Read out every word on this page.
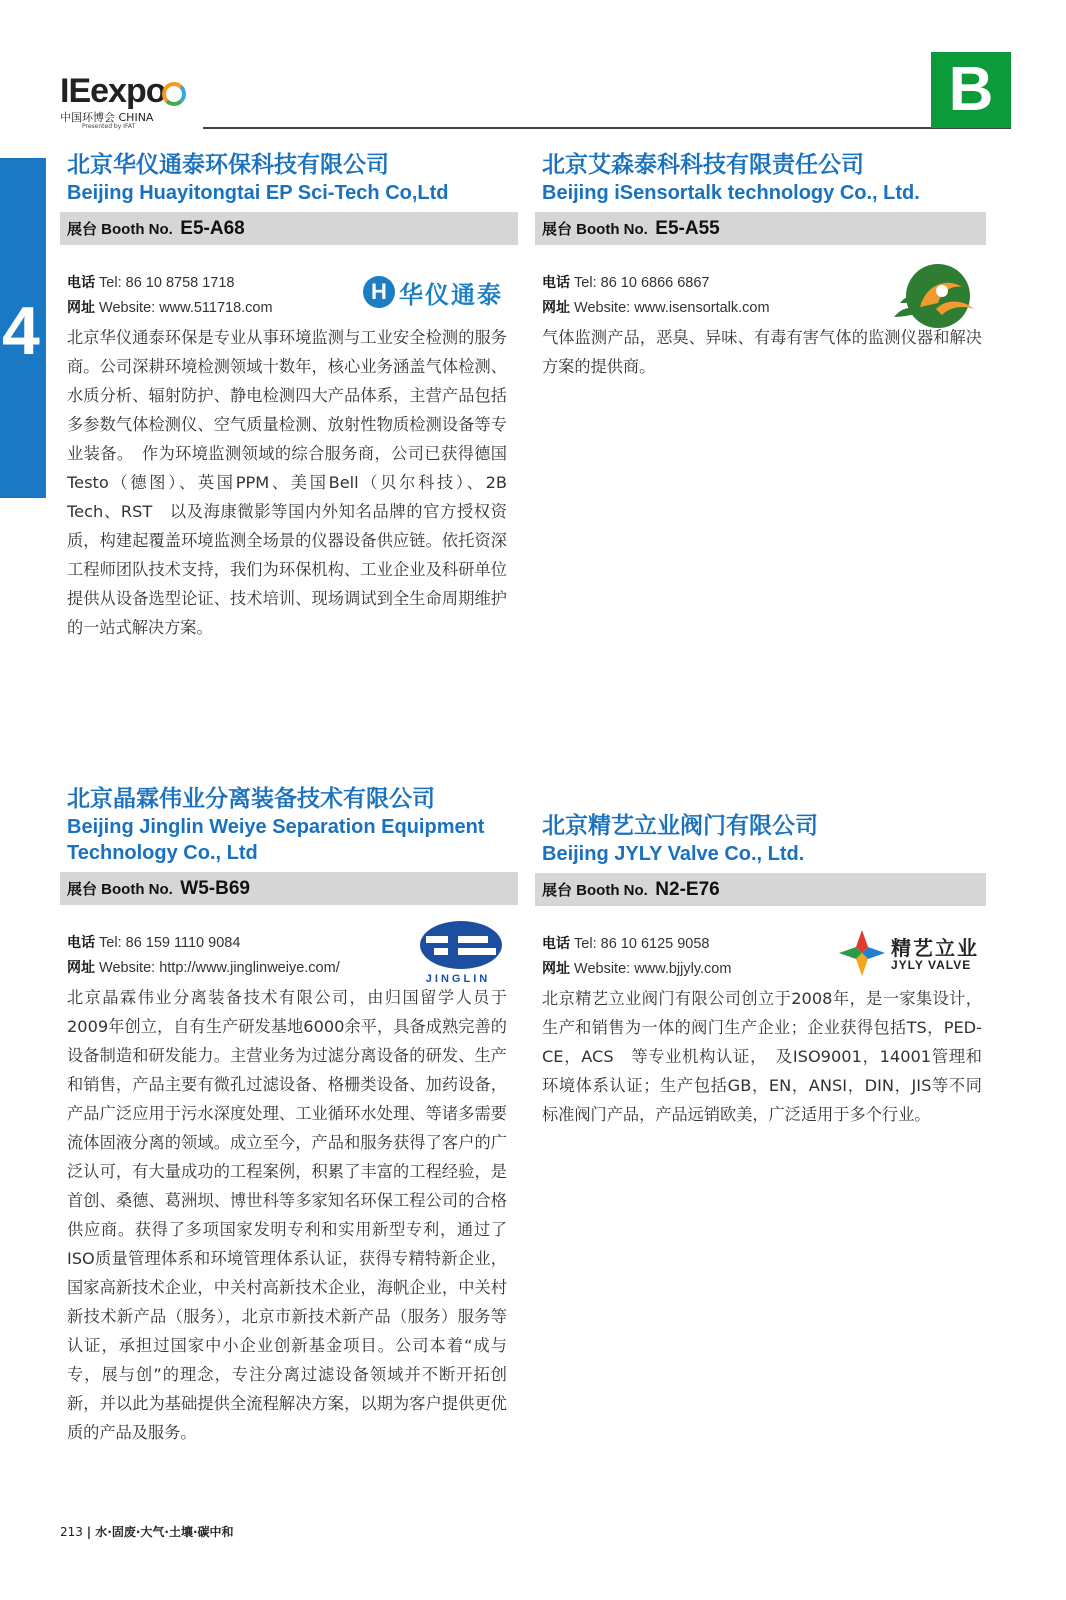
IEexpo
中国环博会 CHINA
Presented by IFAT
B
4
北京华仪通泰环保科技有限公司
Beijing Huayitongtai EP Sci-Tech Co,Ltd
展台 Booth No. E5-A68
电话 Tel: 86 10 8758 1718
网址 Website: www.511718.com
H 华仪通泰

北京华仪通泰环保是专业从事环境监测与工业安全检测的服务商。公司深耕环境检测领域十数年，核心业务涵盖气体检测、水质分析、辐射防护、静电检测四大产品体系，主营产品包括多参数气体检测仪、空气质量检测、放射性物质检测设备等专业装备。　作为环境监测领域的综合服务商，公司已获得德国Testo（德图）、英国PPM、美国Bell（贝尔科技）、2B　Tech、RST　以及海康微影等国内外知名品牌的官方授权资质，构建起覆盖环境监测全场景的仪器设备供应链。依托资深工程师团队技术支持，我们为环保机构、工业企业及科研单位提供从设备选型论证、技术培训、现场调试到全生命周期维护的一站式解决方案。

北京艾森泰科科技有限责任公司
Beijing iSensortalk technology Co., Ltd.
展台 Booth No. E5-A55
电话 Tel: 86 10 6866 6867
网址 Website: www.isensortalk.com

气体监测产品，恶臭、异味、有毒有害气体的监测仪器和解决方案的提供商。

北京晶霖伟业分离装备技术有限公司
Beijing Jinglin Weiye Separation Equipment Technology Co., Ltd
展台 Booth No. W5-B69
电话 Tel: 86 159 1110 9084
网址 Website: http://www.jinglinweiye.com/
JINGLIN

北京晶霖伟业分离装备技术有限公司，由归国留学人员于2009年创立，自有生产研发基地6000余平，具备成熟完善的设备制造和研发能力。主营业务为过滤分离设备的研发、生产和销售，产品主要有微孔过滤设备、格栅类设备、加药设备，产品广泛应用于污水深度处理、工业循环水处理、等诸多需要流体固液分离的领域。成立至今，产品和服务获得了客户的广泛认可，有大量成功的工程案例，积累了丰富的工程经验，是首创、桑德、葛洲坝、博世科等多家知名环保工程公司的合格供应商。获得了多项国家发明专利和实用新型专利，通过了ISO质量管理体系和环境管理体系认证，获得专精特新企业，国家高新技术企业，中关村高新技术企业，海帆企业，中关村新技术新产品（服务），北京市新技术新产品（服务）服务等认证，承担过国家中小企业创新基金项目。公司本着“成与专，展与创”的理念，专注分离过滤设备领域并不断开拓创新，并以此为基础提供全流程解决方案，以期为客户提供更优质的产品及服务。

北京精艺立业阀门有限公司
Beijing JYLY Valve Co., Ltd.
展台 Booth No. N2-E76
电话 Tel: 86 10 6125 9058
网址 Website: www.bjjyly.com
精艺立业
JYLY VALVE

北京精艺立业阀门有限公司创立于2008年，是一家集设计，生产和销售为一体的阀门生产企业；企业获得包括TS，PED-CE，ACS　等专业机构认证，　及ISO9001，14001管理和环境体系认证；生产包括GB，EN，ANSI，DIN，JIS等不同标准阀门产品，产品远销欧美，广泛适用于多个行业。

213 | 水·固废·大气·土壤·碳中和
